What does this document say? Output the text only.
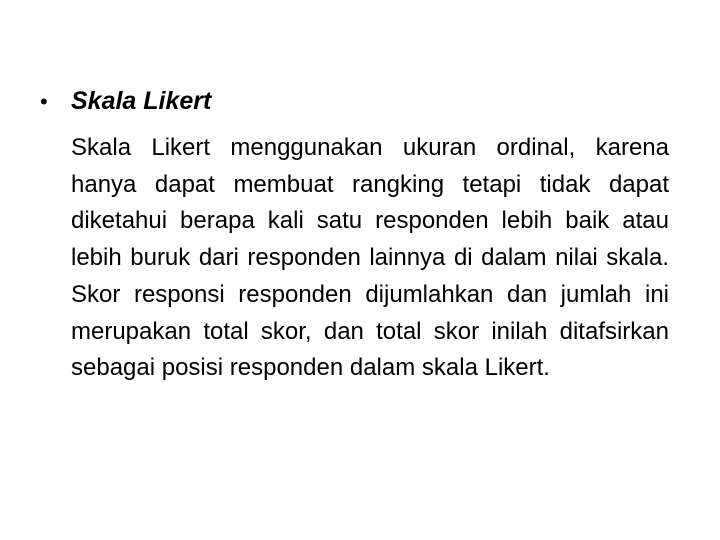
• Skala Likert

Skala Likert menggunakan ukuran ordinal, karena hanya dapat membuat rangking tetapi tidak dapat diketahui berapa kali satu responden lebih baik atau lebih buruk dari responden lainnya di dalam nilai skala. Skor responsi responden dijumlahkan dan jumlah ini merupakan total skor, dan total skor inilah ditafsirkan sebagai posisi responden dalam skala Likert.
